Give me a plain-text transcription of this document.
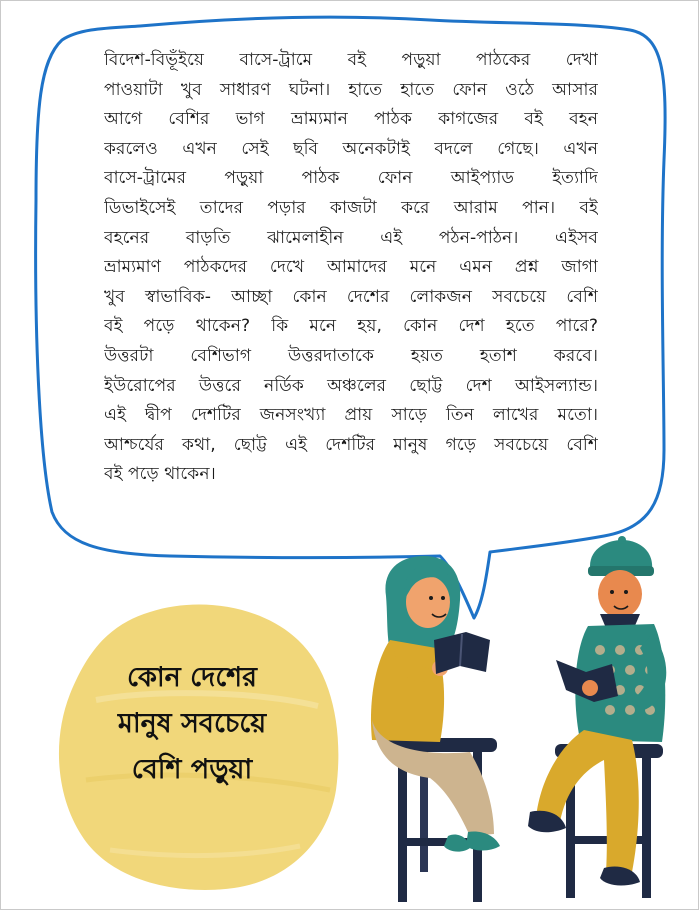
বিদেশ-বিভূঁইয়ে বাসে-ট্রামে বই পড়ুয়া পাঠকের দেখা
পাওয়াটা খুব সাধারণ ঘটনা। হাতে হাতে ফোন ওঠে আসার
আগে বেশির ভাগ ভ্রাম্যমান পাঠক কাগজের বই বহন
করলেও এখন সেই ছবি অনেকটাই বদলে গেছে। এখন
বাসে-ট্রামের পড়ুয়া পাঠক ফোন আইপ্যাড ইত্যাদি
ডিভাইসেই তাদের পড়ার কাজটা করে আরাম পান। বই
বহনের বাড়তি ঝামেলাহীন এই পঠন-পাঠন। এইসব
ভ্রাম্যমাণ পাঠকদের দেখে আমাদের মনে এমন প্রশ্ন জাগা
খুব স্বাভাবিক- আচ্ছা কোন দেশের লোকজন সবচেয়ে বেশি
বই পড়ে থাকেন? কি মনে হয়, কোন দেশ হতে পারে?
উত্তরটা বেশিভাগ উত্তরদাতাকে হয়ত হতাশ করবে।
ইউরোপের উত্তরে নর্ডিক অঞ্চলের ছোট্ট দেশ আইসল্যান্ড।
এই দ্বীপ দেশটির জনসংখ্যা প্রায় সাড়ে তিন লাখের মতো।
আশ্চর্যের কথা, ছোট্ট এই দেশটির মানুষ গড়ে সবচেয়ে বেশি
বই পড়ে থাকেন।
কোন দেশের
মানুষ সবচেয়ে
বেশি পড়ুয়া
